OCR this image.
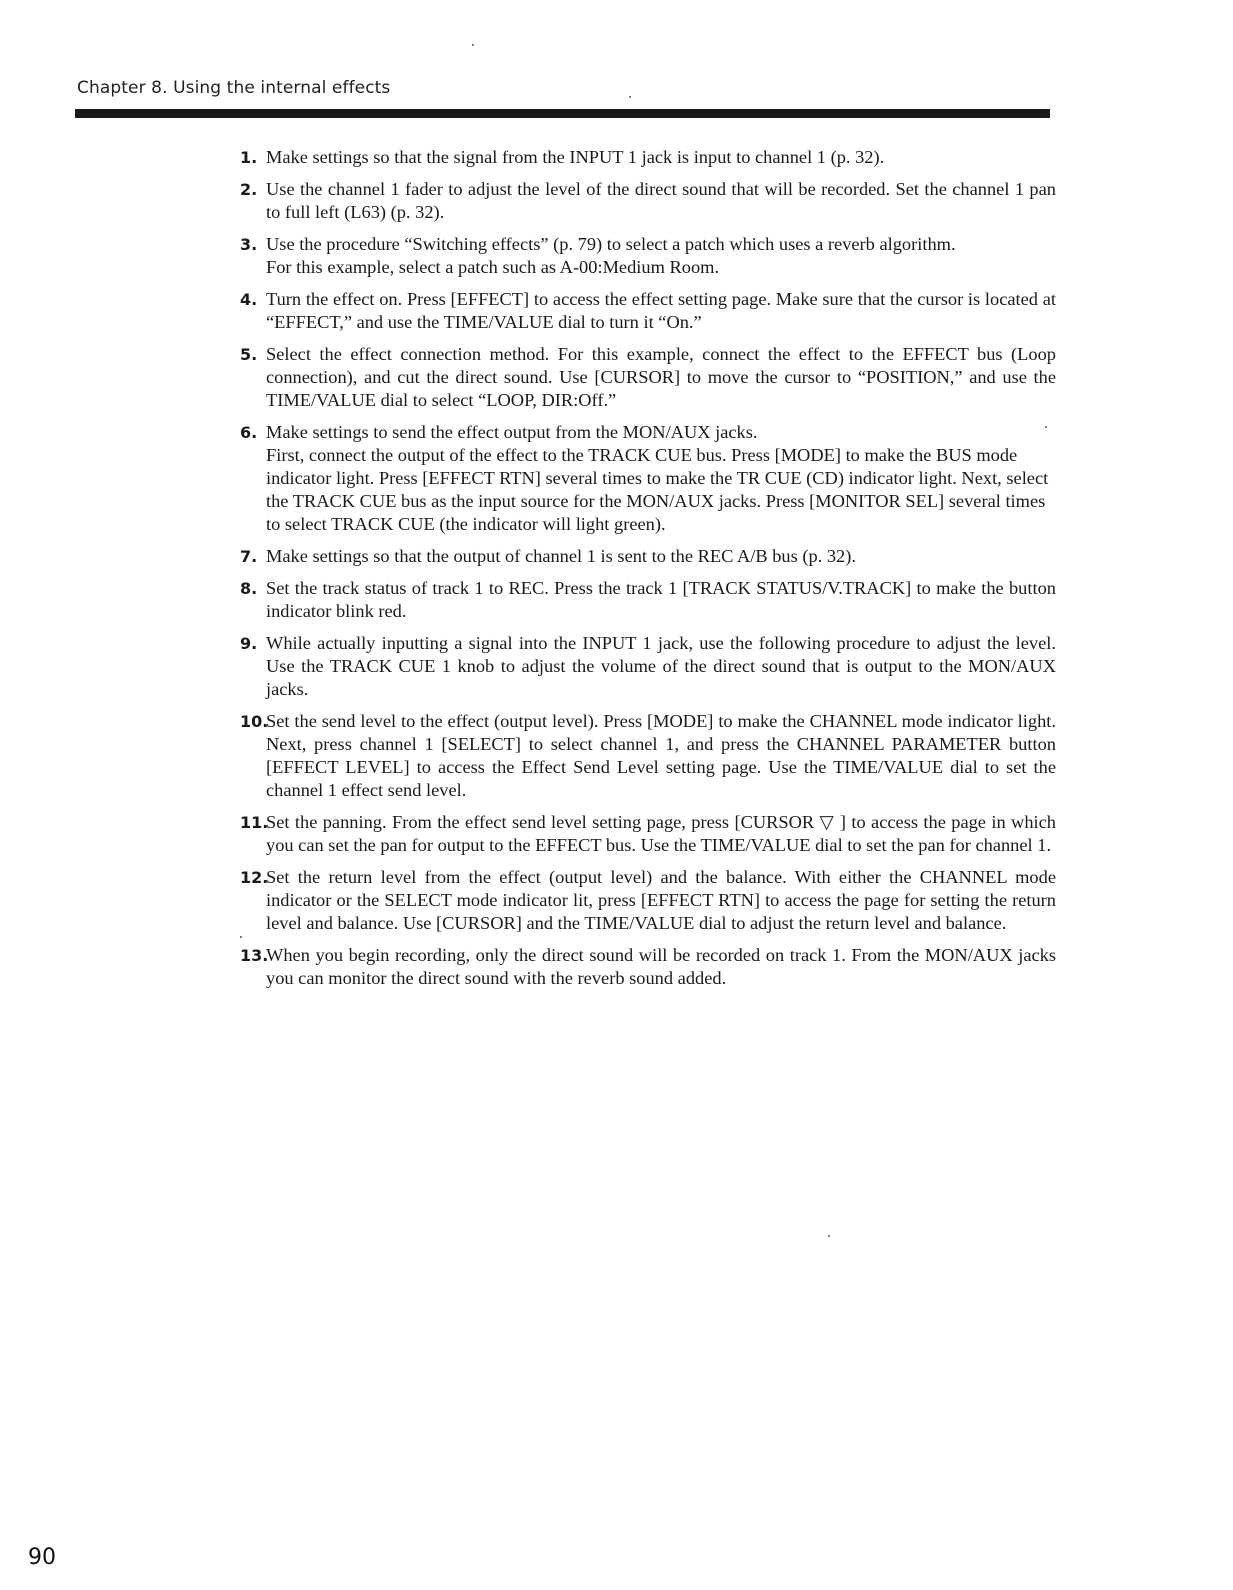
Chapter 8. Using the internal effects
1. Make settings so that the signal from the INPUT 1 jack is input to channel 1 (p. 32).
2. Use the channel 1 fader to adjust the level of the direct sound that will be recorded. Set the channel 1 pan to full left (L63) (p. 32).
3. Use the procedure “Switching effects” (p. 79) to select a patch which uses a reverb algorithm.
For this example, select a patch such as A-00:Medium Room.
4. Turn the effect on. Press [EFFECT] to access the effect setting page. Make sure that the cursor is located at “EFFECT,” and use the TIME/VALUE dial to turn it “On.”
5. Select the effect connection method. For this example, connect the effect to the EFFECT bus (Loop connection), and cut the direct sound. Use [CURSOR] to move the cursor to “POSITION,” and use the TIME/VALUE dial to select “LOOP, DIR:Off.”
6. Make settings to send the effect output from the MON/AUX jacks.
First, connect the output of the effect to the TRACK CUE bus. Press [MODE] to make the BUS mode indicator light. Press [EFFECT RTN] several times to make the TR CUE (CD) indicator light. Next, select the TRACK CUE bus as the input source for the MON/AUX jacks. Press [MONITOR SEL] several times to select TRACK CUE (the indicator will light green).
7. Make settings so that the output of channel 1 is sent to the REC A/B bus (p. 32).
8. Set the track status of track 1 to REC. Press the track 1 [TRACK STATUS/V.TRACK] to make the button indicator blink red.
9. While actually inputting a signal into the INPUT 1 jack, use the following procedure to adjust the level. Use the TRACK CUE 1 knob to adjust the volume of the direct sound that is output to the MON/AUX jacks.
10.
Set the send level to the effect (output level). Press [MODE] to make the CHANNEL mode indicator light. Next, press channel 1 [SELECT] to select channel 1, and press the CHANNEL PARAMETER button [EFFECT LEVEL] to access the Effect Send Level setting page. Use the TIME/VALUE dial to set the channel 1 effect send level.
11.
Set the panning. From the effect send level setting page, press [CURSOR ▽ ] to access the page in which you can set the pan for output to the EFFECT bus. Use the TIME/VALUE dial to set the pan for channel 1.
12.
Set the return level from the effect (output level) and the balance. With either the CHANNEL mode indicator or the SELECT mode indicator lit, press [EFFECT RTN] to access the page for setting the return level and balance. Use [CURSOR] and the TIME/VALUE dial to adjust the return level and balance.
13.
When you begin recording, only the direct sound will be recorded on track 1. From the MON/AUX jacks you can monitor the direct sound with the reverb sound added.
90
